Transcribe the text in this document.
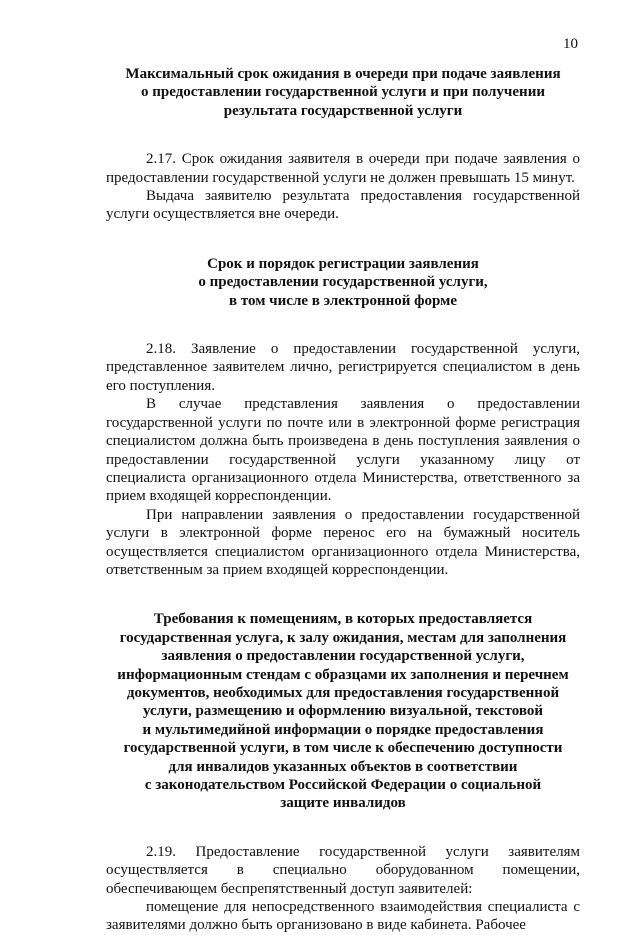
10
Максимальный срок ожидания в очереди при подаче заявления
о предоставлении государственной услуги и при получении
результата государственной услуги

2.17. Срок ожидания заявителя в очереди при подаче заявления о предоставлении государственной услуги не должен превышать 15 минут.

Выдача заявителю результата предоставления государственной услуги осуществляется вне очереди.

Срок и порядок регистрации заявления
о предоставлении государственной услуги,
в том числе в электронной форме

2.18. Заявление о предоставлении государственной услуги, представленное заявителем лично, регистрируется специалистом в день его поступления.

В случае представления заявления о предоставлении государственной услуги по почте или в электронной форме регистрация специалистом должна быть произведена в день поступления заявления о предоставлении государственной услуги указанному лицу от специалиста организационного отдела Министерства, ответственного за прием входящей корреспонденции.

При направлении заявления о предоставлении государственной услуги в электронной форме перенос его на бумажный носитель осуществляется специалистом организационного отдела Министерства, ответственным за прием входящей корреспонденции.

Требования к помещениям, в которых предоставляется
государственная услуга, к залу ожидания, местам для заполнения
заявления о предоставлении государственной услуги,
информационным стендам с образцами их заполнения и перечнем
документов, необходимых для предоставления государственной
услуги, размещению и оформлению визуальной, текстовой
и мультимедийной информации о порядке предоставления
государственной услуги, в том числе к обеспечению доступности
для инвалидов указанных объектов в соответствии
с законодательством Российской Федерации о социальной
защите инвалидов

2.19. Предоставление государственной услуги заявителям осуществляется в специально оборудованном помещении, обеспечивающем беспрепятственный доступ заявителей:

помещение для непосредственного взаимодействия специалиста с заявителями должно быть организовано в виде кабинета. Рабочее
